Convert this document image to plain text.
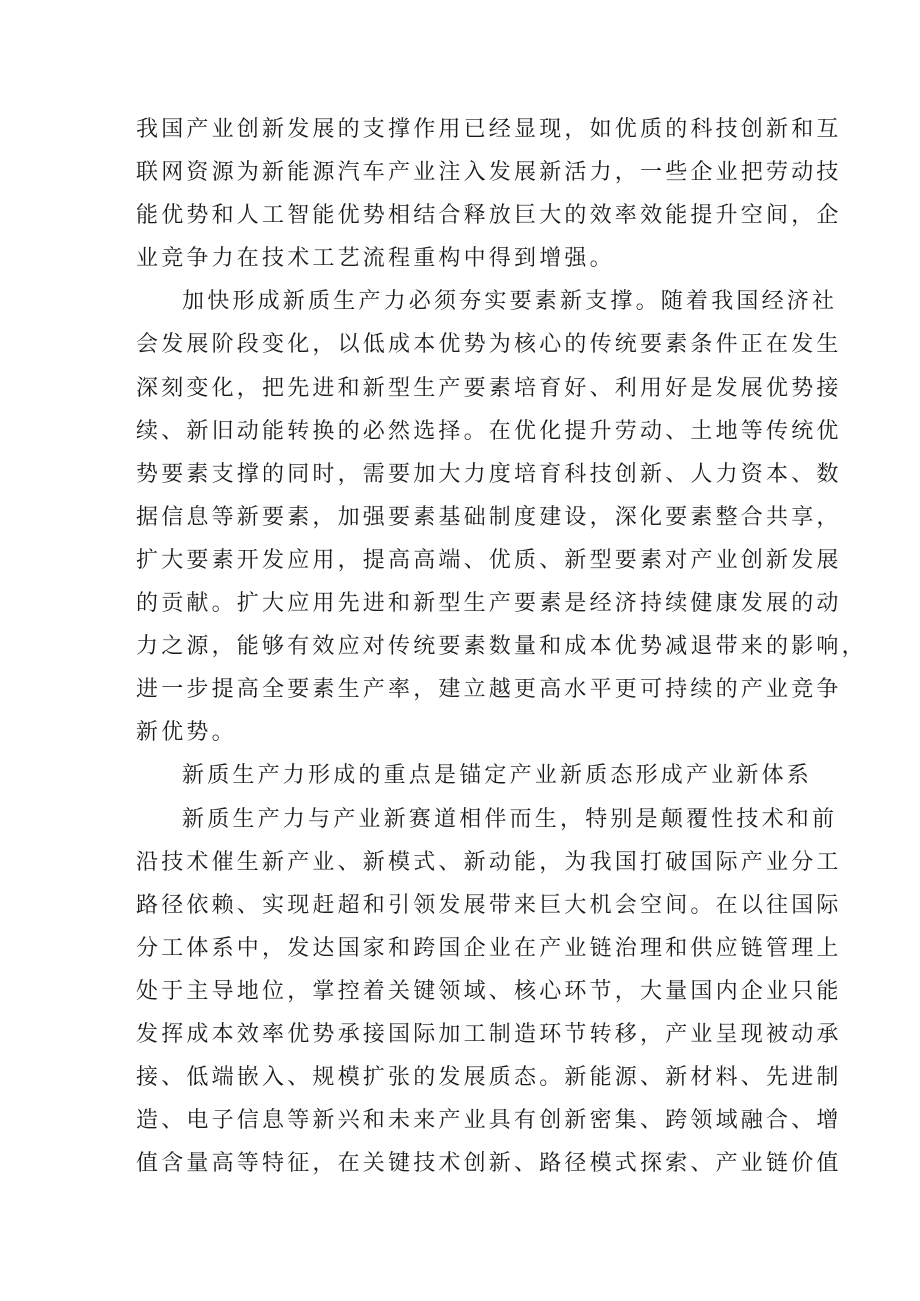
我国产业创新发展的支撑作用已经显现，如优质的科技创新和互
联网资源为新能源汽车产业注入发展新活力，一些企业把劳动技
能优势和人工智能优势相结合释放巨大的效率效能提升空间，企
业竞争力在技术工艺流程重构中得到增强。
加快形成新质生产力必须夯实要素新支撑。随着我国经济社
会发展阶段变化，以低成本优势为核心的传统要素条件正在发生
深刻变化，把先进和新型生产要素培育好、利用好是发展优势接
续、新旧动能转换的必然选择。在优化提升劳动、土地等传统优
势要素支撑的同时，需要加大力度培育科技创新、人力资本、数
据信息等新要素，加强要素基础制度建设，深化要素整合共享，
扩大要素开发应用，提高高端、优质、新型要素对产业创新发展
的贡献。扩大应用先进和新型生产要素是经济持续健康发展的动
力之源，能够有效应对传统要素数量和成本优势减退带来的影响，
进一步提高全要素生产率，建立越更高水平更可持续的产业竞争
新优势。
新质生产力形成的重点是锚定产业新质态形成产业新体系
新质生产力与产业新赛道相伴而生，特别是颠覆性技术和前
沿技术催生新产业、新模式、新动能，为我国打破国际产业分工
路径依赖、实现赶超和引领发展带来巨大机会空间。在以往国际
分工体系中，发达国家和跨国企业在产业链治理和供应链管理上
处于主导地位，掌控着关键领域、核心环节，大量国内企业只能
发挥成本效率优势承接国际加工制造环节转移，产业呈现被动承
接、低端嵌入、规模扩张的发展质态。新能源、新材料、先进制
造、电子信息等新兴和未来产业具有创新密集、跨领域融合、增
值含量高等特征，在关键技术创新、路径模式探索、产业链价值
